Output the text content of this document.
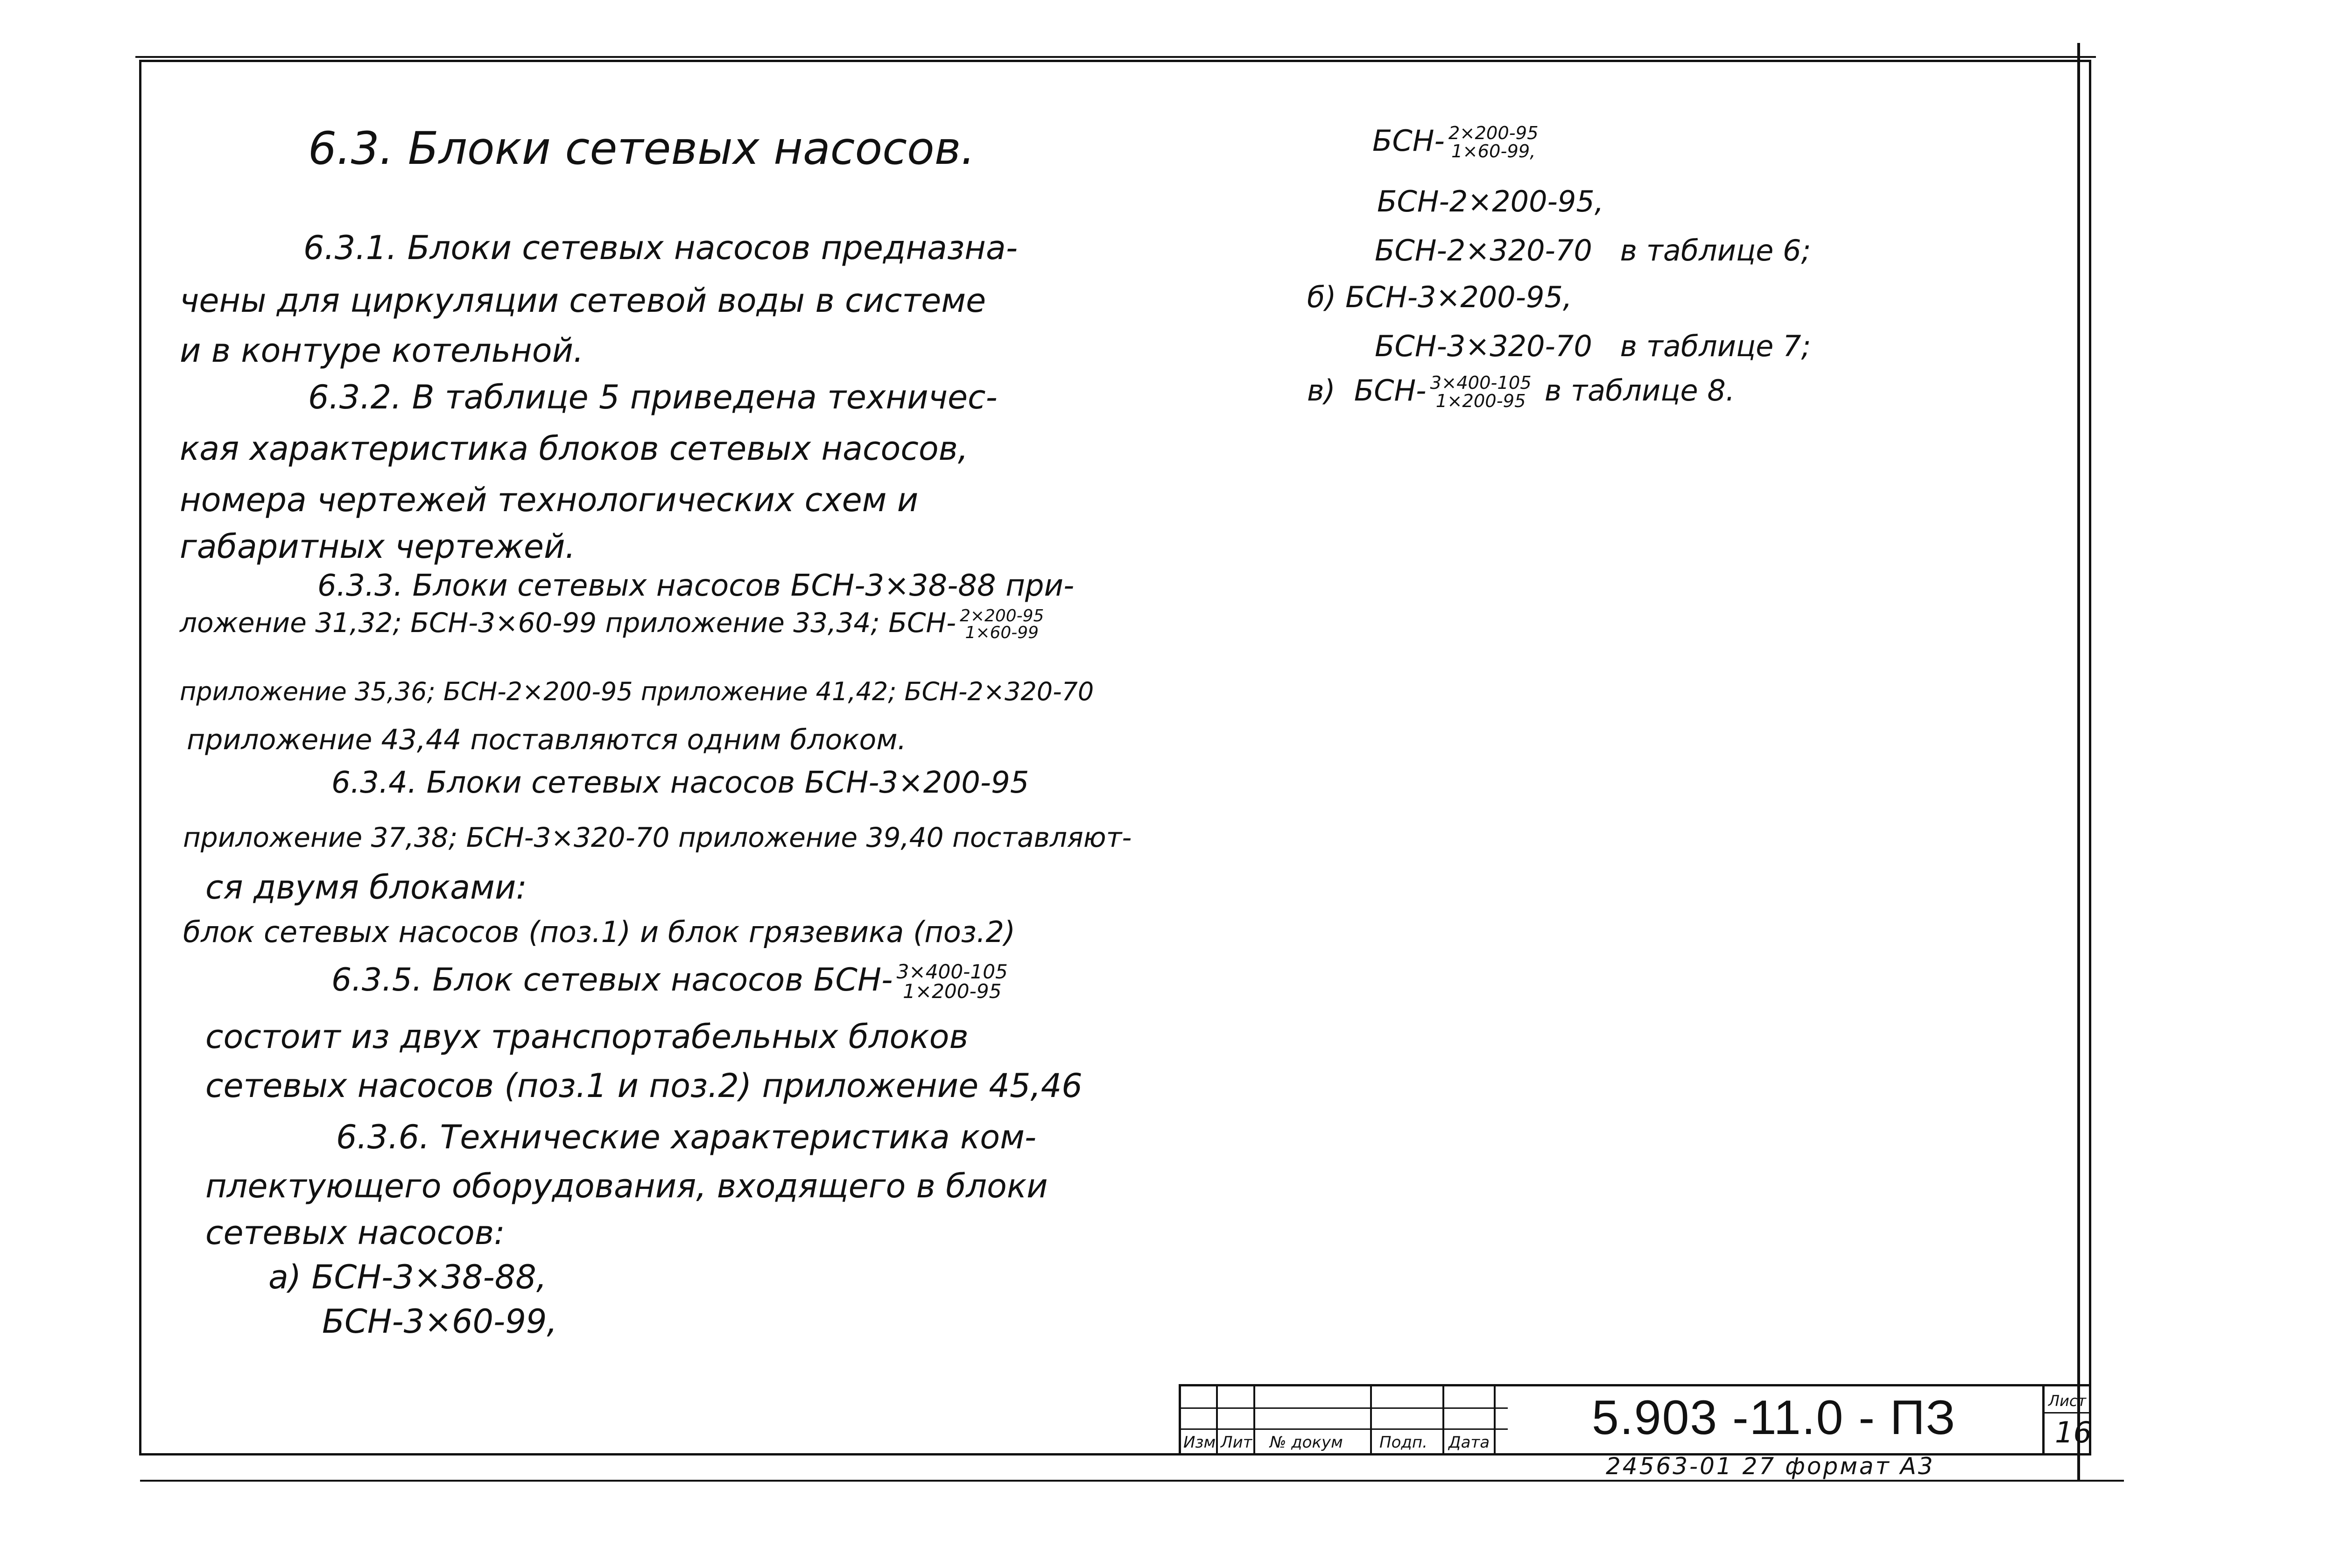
6.3. Блоки сетевых насосов.
6.3.1. Блоки сетевых насосов предназна-
чены для циркуляции сетевой воды в системе
и в контуре котельной.
6.3.2. В таблице 5 приведена техничес-
кая характеристика блоков сетевых насосов,
номера чертежей технологических схем и
габаритных чертежей.
6.3.3. Блоки сетевых насосов БСН-3×38-88 при-
ложение 31,32; БСН-3×60-99 приложение 33,34; БСН- 2×200-95
1×60-99
приложение 35,36; БСН-2×200-95 приложение 41,42; БСН-2×320-70
приложение 43,44 поставляются одним блоком.
6.3.4. Блоки сетевых насосов БСН-3×200-95
приложение 37,38; БСН-3×320-70 приложение 39,40 поставляют-
ся двумя блоками:
блок сетевых насосов (поз.1) и блок грязевика (поз.2)
6.3.5. Блок сетевых насосов БСН- 3×400-105
1×200-95
состоит из двух транспортабельных блоков
сетевых насосов (поз.1 и поз.2) приложение 45,46
6.3.6. Технические характеристика ком-
плектующего оборудования, входящего в блоки
сетевых насосов:
а) БСН-3×38-88,
БСН-3×60-99,
БСН- 2×200-95
1×60-99,
БСН-2×200-95,
БСН-2×320-70 в таблице 6;
б) БСН-3×200-95,
БСН-3×320-70 в таблице 7;
в) БСН- 3×400-105
1×200-95 в таблице 8.
Изм Лит № докум Подп. Дата 5.903 -11.0 - ПЗ	Лист
16
24563-01 27 формат А3
